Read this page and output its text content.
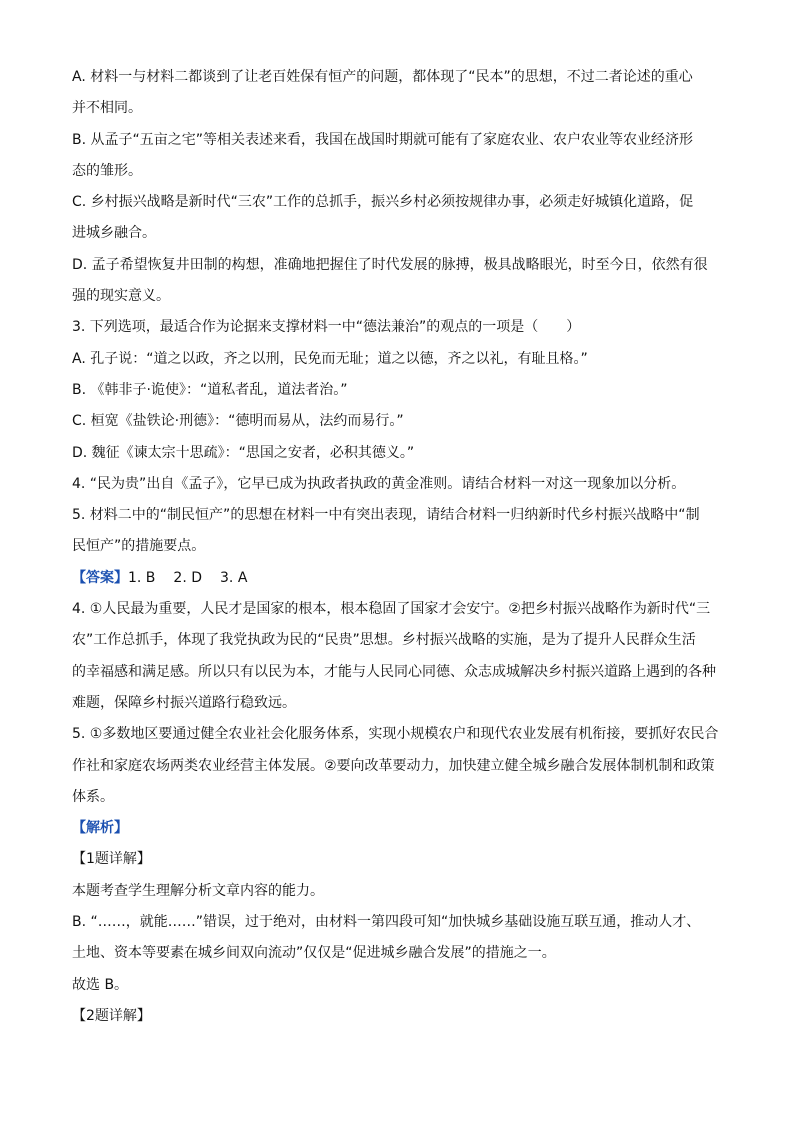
A. 材料一与材料二都谈到了让老百姓保有恒产的问题，都体现了“民本”的思想，不过二者论述的重心
并不相同。
B. 从孟子“五亩之宅”等相关表述来看，我国在战国时期就可能有了家庭农业、农户农业等农业经济形
态的雏形。
C. 乡村振兴战略是新时代“三农”工作的总抓手，振兴乡村必须按规律办事，必须走好城镇化道路，促
进城乡融合。
D. 孟子希望恢复井田制的构想，准确地把握住了时代发展的脉搏，极具战略眼光，时至今日，依然有很
强的现实意义。
3. 下列选项，最适合作为论据来支撑材料一中“德法兼治”的观点的一项是（　　）
A. 孔子说：“道之以政，齐之以刑，民免而无耻；道之以德，齐之以礼，有耻且格。”
B. 《韩非子·诡使》：“道私者乱，道法者治。”
C. 桓宽《盐铁论·刑德》：“德明而易从，法约而易行。”
D. 魏征《谏太宗十思疏》：“思国之安者，必积其德义。”
4. “民为贵”出自《孟子》，它早已成为执政者执政的黄金准则。请结合材料一对这一现象加以分析。
5. 材料二中的“制民恒产”的思想在材料一中有突出表现，请结合材料一归纳新时代乡村振兴战略中“制
民恒产”的措施要点。
【答案】1. B 2. D 3. A
4. ①人民最为重要，人民才是国家的根本，根本稳固了国家才会安宁。②把乡村振兴战略作为新时代“三
农”工作总抓手，体现了我党执政为民的“民贵”思想。乡村振兴战略的实施，是为了提升人民群众生活
的幸福感和满足感。所以只有以民为本，才能与人民同心同德、众志成城解决乡村振兴道路上遇到的各种
难题，保障乡村振兴道路行稳致远。
5. ①多数地区要通过健全农业社会化服务体系，实现小规模农户和现代农业发展有机衔接，要抓好农民合
作社和家庭农场两类农业经营主体发展。②要向改革要动力，加快建立健全城乡融合发展体制机制和政策
体系。
【解析】
【1题详解】
本题考查学生理解分析文章内容的能力。
B. “……，就能……”错误，过于绝对，由材料一第四段可知“加快城乡基础设施互联互通，推动人才、
土地、资本等要素在城乡间双向流动”仅仅是“促进城乡融合发展”的措施之一。
故选 B。
【2题详解】
